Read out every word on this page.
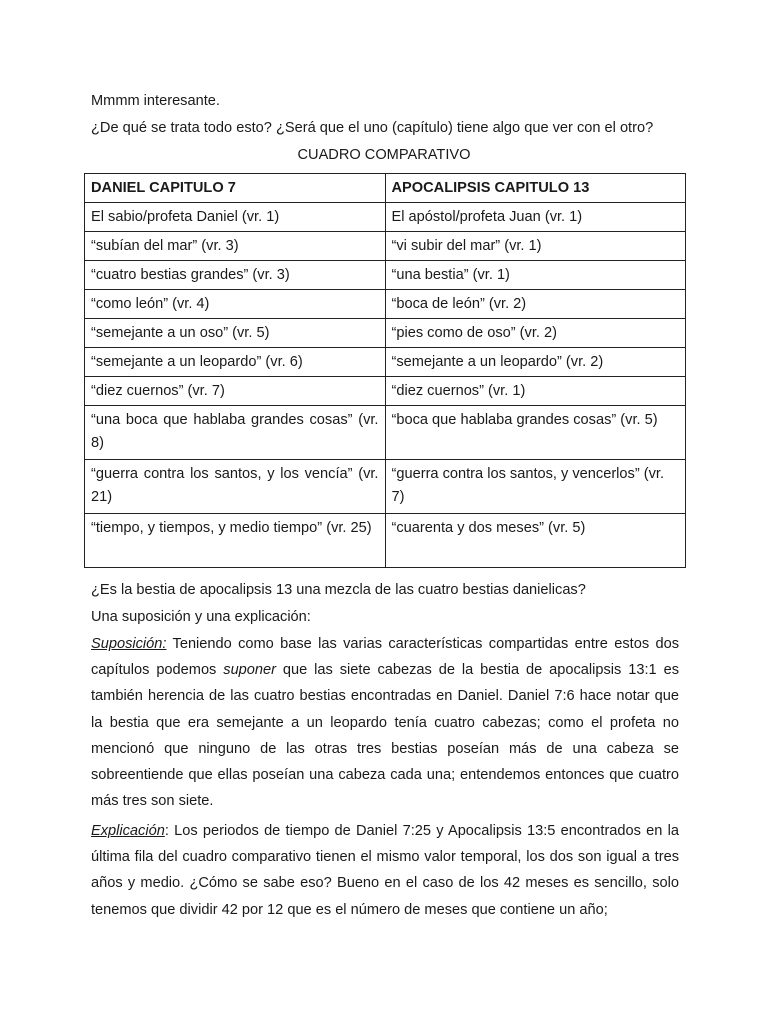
Mmmm interesante.
¿De qué se trata todo esto? ¿Será que el uno (capítulo) tiene algo que ver con el otro?
CUADRO COMPARATIVO
DANIEL CAPITULO 7	APOCALIPSIS CAPITULO 13
El sabio/profeta Daniel (vr. 1)	El apóstol/profeta Juan (vr. 1)
“subían del mar” (vr. 3)	“vi subir del mar” (vr. 1)
“cuatro bestias grandes” (vr. 3)	“una bestia” (vr. 1)
“como león” (vr. 4)	“boca de león” (vr. 2)
“semejante a un oso” (vr. 5)	“pies como de oso” (vr. 2)
“semejante a un leopardo” (vr. 6)	“semejante a un leopardo” (vr. 2)
“diez cuernos” (vr. 7)	“diez cuernos” (vr. 1)
“una boca que hablaba grandes cosas” (vr. 8)	“boca que hablaba grandes cosas” (vr. 5)
“guerra contra los santos, y los vencía” (vr. 21)	“guerra contra los santos, y vencerlos” (vr. 7)
“tiempo, y tiempos, y medio tiempo” (vr. 25)	“cuarenta y dos meses” (vr. 5)
¿Es la bestia de apocalipsis 13 una mezcla de las cuatro bestias danielicas?
Una suposición y una explicación:
Suposición: Teniendo como base las varias características compartidas entre estos dos capítulos podemos suponer que las siete cabezas de la bestia de apocalipsis 13:1 es también herencia de las cuatro bestias encontradas en Daniel. Daniel 7:6 hace notar que la bestia que era semejante a un leopardo tenía cuatro cabezas; como el profeta no mencionó que ninguno de las otras tres bestias poseían más de una cabeza se sobreentiende que ellas poseían una cabeza cada una; entendemos entonces que cuatro más tres son siete.
Explicación: Los periodos de tiempo de Daniel 7:25 y Apocalipsis 13:5 encontrados en la última fila del cuadro comparativo tienen el mismo valor temporal, los dos son igual a tres años y medio. ¿Cómo se sabe eso? Bueno en el caso de los 42 meses es sencillo, solo tenemos que dividir 42 por 12 que es el número de meses que contiene un año;
